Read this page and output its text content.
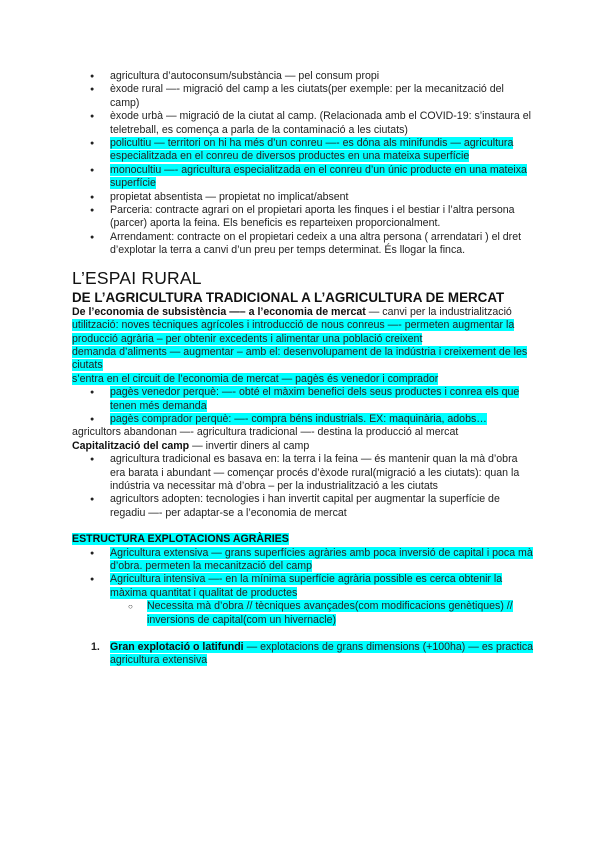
● agricultura d’autoconsum/substància — pel consum propi
● èxode rural —- migració del camp a les ciutats(per exemple: per la mecanització del camp)
● èxode urbà — migració de la ciutat al camp. (Relacionada amb el COVID-19: s’instaura el teletreball, es comença a parla de la contaminació a les ciutats)
● policultiu — territori on hi ha més d’un conreu —- es dóna als minifundis — agricultura especialitzada en el conreu de diversos productes en una mateixa superfície
● monocultiu —- agricultura especialitzada en el conreu d’un únic producte en una mateixa superfície
● propietat absentista — propietat no implicat/absent
● Parceria: contracte agrari on el propietari aporta les finques i el bestiar i l’altra persona (parcer) aporta la feina. Els beneficis es reparteixen proporcionalment.
● Arrendament: contracte on el propietari cedeix a una altra persona ( arrendatari ) el dret d’explotar la terra a canvi d’un preu per temps determinat. És llogar la finca.
L’ESPAI RURAL
DE L’AGRICULTURA TRADICIONAL A L’AGRICULTURA DE MERCAT
De l’economia de subsistència —– a l’economia de mercat — canvi per la industrialització
utilització: noves tècniques agrícoles i introducció de nous conreus —- permeten augmentar la producció agrària – per obtenir excedents i alimentar una població creixent
demanda d’aliments — augmentar – amb el: desenvolupament de la indústria i creixement de les ciutats
s’entra en el circuit de l’economia de mercat — pagès és venedor i comprador
● pagès venedor perquè: —- obté el màxim benefici dels seus productes i conrea els que tenen més demanda
● pagès comprador perquè: —- compra béns industrials. EX: maquinària, adobs…
agricultors abandonan —- agricultura tradicional —- destina la producció al mercat
Capitalització del camp — invertir diners al camp
● agricultura tradicional es basava en: la terra i la feina — és mantenir quan la mà d’obra era barata i abundant — començar procés d’èxode rural(migració a les ciutats): quan la indústria va necessitar mà d’obra – per la industrialització a les ciutats
● agricultors adopten: tecnologies i han invertit capital per augmentar la superfície de regadiu —- per adaptar-se a l’economia de mercat
ESTRUCTURA EXPLOTACIONS AGRÀRIES
● Agricultura extensiva — grans superfícies agràries amb poca inversió de capital i poca mà d’obra. permeten la mecanització del camp
● Agricultura intensiva —- en la mínima superfície agrària possible es cerca obtenir la màxima quantitat i qualitat de productes
○ Necessita mà d’obra // tècniques avançades(com modificacions genètiques) // inversions de capital(com un hivernacle)
1. Gran explotació o latifundi — explotacions de grans dimensions (+100ha) — es practica agricultura extensiva
